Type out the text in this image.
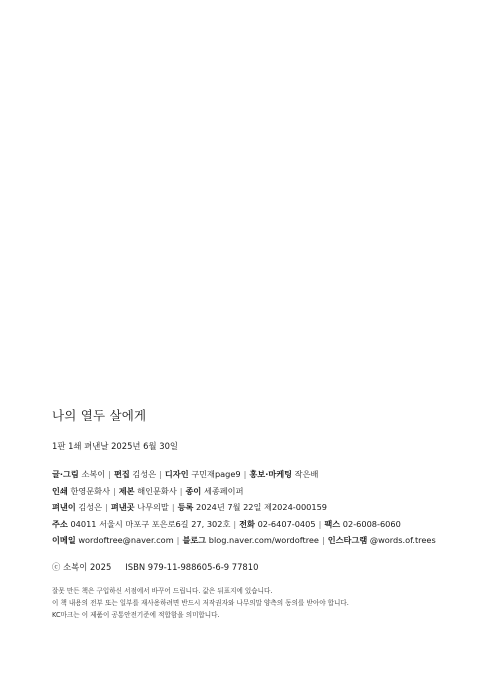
나의 열두 살에게
1판 1쇄 펴낸날 2025년 6월 30일
글·그림 소복이 | 편집 김성은 | 디자인 구민재page9 | 홍보·마케팅 작은배
인쇄 한영문화사 | 제본 해인문화사 | 종이 세종페이퍼
펴낸이 김성은 | 펴낸곳 나무의말 | 등록 2024년 7월 22일 제2024-000159
주소 04011 서울시 마포구 포은로6길 27, 302호 | 전화 02-6407-0405 | 팩스 02-6008-6060
이메일 wordoftree@naver.com | 블로그 blog.naver.com/wordoftree | 인스타그램 @words.of.trees
ⓒ 소복이 2025 ISBN 979-11-988605-6-9 77810
잘못 만든 책은 구입하신 서점에서 바꾸어 드립니다. 값은 뒤표지에 있습니다.
이 책 내용의 전부 또는 일부를 재사용하려면 반드시 저작권자와 나무의말 양측의 동의를 받아야 합니다.
KC마크는 이 제품이 공통안전기준에 적합함을 의미합니다.
